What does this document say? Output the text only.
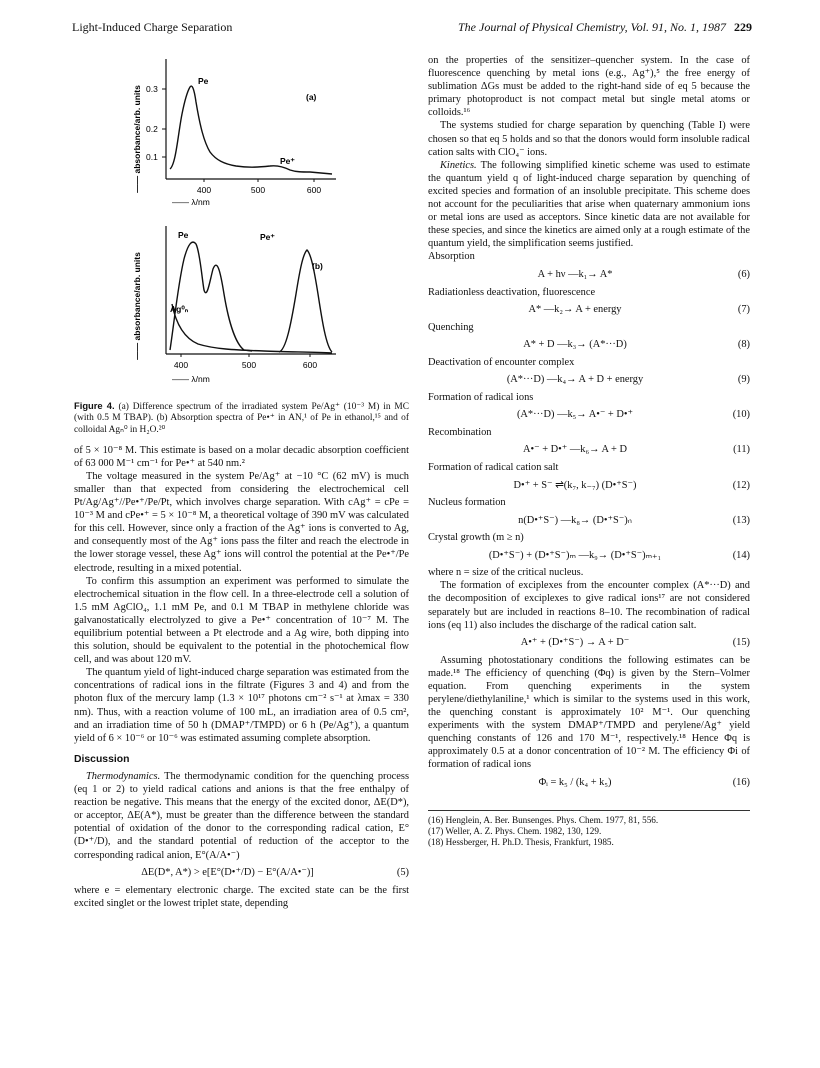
Light-Induced Charge Separation	The Journal of Physical Chemistry, Vol. 91, No. 1, 1987 229
—— absorbance/arb. units 0.3
0.2
0.1
400	500	600
—— λ/nm
Pe
Pe⁺
(a)
—— absorbance/arb. units
400	500	600
—— λ/nm
Pe	Pe⁺
Ag⁰ₙ
(b)

Figure 4. (a) Difference spectrum of the irradiated system Pe/Ag⁺ (10⁻³ M) in MC (with 0.5 M TBAP). (b) Absorption spectra of Pe•⁺ in AN,¹ of Pe in ethanol,¹⁵ and of colloidal Agₙ⁰ in H₂O.²⁰

of 5 × 10⁻⁸ M. This estimate is based on a molar decadic absorption coefficient of 63 000 M⁻¹ cm⁻¹ for Pe•⁺ at 540 nm.²

The voltage measured in the system Pe/Ag⁺ at −10 °C (62 mV) is much smaller than that expected from considering the electrochemical cell Pt/Ag/Ag⁺//Pe•⁺/Pe/Pt, which involves charge separation. With cAg⁺ = cPe = 10⁻³ M and cPe•⁺ = 5 × 10⁻⁸ M, a theoretical voltage of 390 mV was calculated for this cell. However, since only a fraction of the Ag⁺ ions is converted to Ag, and consequently most of the Ag⁺ ions pass the filter and reach the electrode in the lower storage vessel, these Ag⁺ ions will control the potential at the Pe•⁺/Pe electrode, resulting in a mixed potential.

To confirm this assumption an experiment was performed to simulate the electrochemical situation in the flow cell. In a three-electrode cell a solution of 1.5 mM AgClO₄, 1.1 mM Pe, and 0.1 M TBAP in methylene chloride was galvanostatically electrolyzed to give a Pe•⁺ concentration of 10⁻⁷ M. The equilibrium potential between a Pt electrode and a Ag wire, both dipping into this solution, should be equivalent to the potential in the photochemical flow cell, and was about 120 mV.

The quantum yield of light-induced charge separation was estimated from the concentrations of radical ions in the filtrate (Figures 3 and 4) and from the photon flux of the mercury lamp (1.3 × 10¹⁷ photons cm⁻² s⁻¹ at λmax = 330 nm). Thus, with a reaction volume of 100 mL, an irradiation area of 0.5 cm², and an irradiation time of 50 h (DMAP⁺/TMPD) or 6 h (Pe/Ag⁺), a quantum yield of 6 × 10⁻⁶ or 10⁻⁶ was estimated assuming complete absorption.

Discussion

Thermodynamics. The thermodynamic condition for the quenching process (eq 1 or 2) to yield radical cations and anions is that the free enthalpy of reaction be negative. This means that the energy of the excited donor, ΔE(D*), or acceptor, ΔE(A*), must be greater than the difference between the standard potential of oxidation of the donor to the corresponding radical cation, E°(D•⁺/D), and the standard potential of reduction of the acceptor to the corresponding radical anion, E°(A/A•⁻)

ΔE(D*, A*) > e[E°(D•⁺/D) − E°(A/A•⁻)]	(5)

where e = elementary electronic charge. The excited state can be the first excited singlet or the lowest triplet state, depending

on the properties of the sensitizer–quencher system. In the case of fluorescence quenching by metal ions (e.g., Ag⁺),⁵ the free energy of sublimation ΔGs must be added to the right-hand side of eq 5 because the primary photoproduct is not compact metal but single metal atoms or colloids.¹⁶

The systems studied for charge separation by quenching (Table I) were chosen so that eq 5 holds and so that the donors would form insoluble radical cation salts with ClO₄⁻ ions.

Kinetics. The following simplified kinetic scheme was used to estimate the quantum yield q of light-induced charge separation by quenching of excited species and formation of an insoluble precipitate. This scheme does not account for the peculiarities that arise when quaternary ammonium ions or metal ions are used as acceptors. Since kinetic data are not available for these species, and since the kinetics are aimed only at a rough estimate of the quantum yield, the simplification seems justified.

Absorption

A + hν —k₁→ A*	(6)

Radiationless deactivation, fluorescence

A* —k₂→ A + energy	(7)

Quenching

A* + D —k₃→ (A*···D)	(8)

Deactivation of encounter complex

(A*···D) —k₄→ A + D + energy	(9)

Formation of radical ions

(A*···D) —k₅→ A•⁻ + D•⁺	(10)

Recombination

A•⁻ + D•⁺ —k₆→ A + D	(11)

Formation of radical cation salt

D•⁺ + S⁻ ⇌(k₇, k₋₇) (D•⁺S⁻)	(12)

Nucleus formation

n(D•⁺S⁻) —k₈→ (D•⁺S⁻)ₙ	(13)

Crystal growth (m ≥ n)

(D•⁺S⁻) + (D•⁺S⁻)ₘ —k₉→ (D•⁺S⁻)ₘ₊₁	(14)

where n = size of the critical nucleus.

The formation of exciplexes from the encounter complex (A*···D) and the decomposition of exciplexes to give radical ions¹⁷ are not considered separately but are included in reactions 8–10. The recombination of radical ions (eq 11) also includes the discharge of the radical cation salt.

A•⁺ + (D•⁺S⁻) → A + D⁻	(15)

Assuming photostationary conditions the following estimates can be made.¹⁸ The efficiency of quenching (Φq) is given by the Stern–Volmer equation. From quenching experiments in the system perylene/diethylaniline,¹ which is similar to the systems used in this work, the quenching constant is approximately 10² M⁻¹. Our quenching experiments with the system DMAP⁺/TMPD and perylene/Ag⁺ yield quenching constants of 126 and 170 M⁻¹, respectively.¹⁸ Hence Φq is approximately 0.5 at a donor concentration of 10⁻² M. The efficiency Φi of formation of radical ions

Φᵢ = k₅ / (k₄ + k₅)	(16)
(16) Henglein, A. Ber. Bunsenges. Phys. Chem. 1977, 81, 556.
(17) Weller, A. Z. Phys. Chem. 1982, 130, 129.
(18) Hessberger, H. Ph.D. Thesis, Frankfurt, 1985.
